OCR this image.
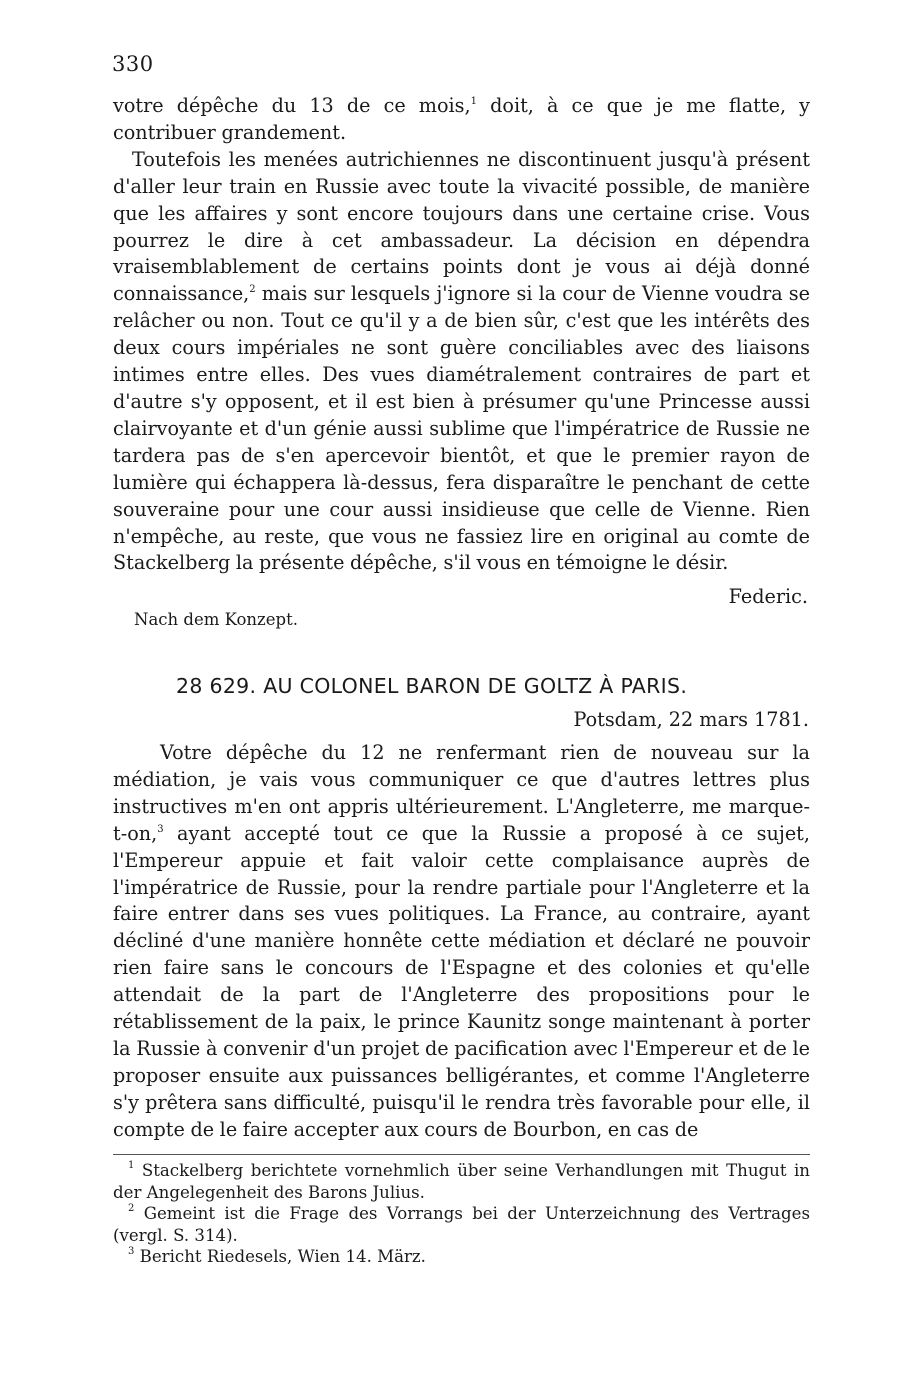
330

votre dépêche du 13 de ce mois,$^1$ doit, à ce que je me flatte, y contribuer grandement.

Toutefois les menées autrichiennes ne discontinuent jusqu'à présent d'aller leur train en Russie avec toute la vivacité possible, de manière que les affaires y sont encore toujours dans une certaine crise. Vous pourrez le dire à cet ambassadeur. La décision en dépendra vraisemblablement de certains points dont je vous ai déjà donné connaissance,$^2$ mais sur lesquels j'ignore si la cour de Vienne voudra se relâcher ou non. Tout ce qu'il y a de bien sûr, c'est que les intérêts des deux cours impériales ne sont guère conciliables avec des liaisons intimes entre elles. Des vues diamétralement contraires de part et d'autre s'y opposent, et il est bien à présumer qu'une Princesse aussi clairvoyante et d'un génie aussi sublime que l'impératrice de Russie ne tardera pas de s'en apercevoir bientôt, et que le premier rayon de lumière qui échappera là-dessus, fera disparaître le penchant de cette souveraine pour une cour aussi insidieuse que celle de Vienne. Rien n'empêche, au reste, que vous ne fassiez lire en original au comte de Stackelberg la présente dépêche, s'il vous en témoigne le désir.

Federic.
Nach dem Konzept.
28 629. AU COLONEL BARON DE GOLTZ À PARIS.
Potsdam, 22 mars 1781.

Votre dépêche du 12 ne renfermant rien de nouveau sur la médiation, je vais vous communiquer ce que d'autres lettres plus instructives m'en ont appris ultérieurement. L'Angleterre, me marque-t-on,$^3$ ayant accepté tout ce que la Russie a proposé à ce sujet, l'Empereur appuie et fait valoir cette complaisance auprès de l'impératrice de Russie, pour la rendre partiale pour l'Angleterre et la faire entrer dans ses vues politiques. La France, au contraire, ayant décliné d'une manière honnête cette médiation et déclaré ne pouvoir rien faire sans le concours de l'Espagne et des colonies et qu'elle attendait de la part de l'Angleterre des propositions pour le rétablissement de la paix, le prince Kaunitz songe maintenant à porter la Russie à convenir d'un projet de pacification avec l'Empereur et de le proposer ensuite aux puissances belligérantes, et comme l'Angleterre s'y prêtera sans difficulté, puisqu'il le rendra très favorable pour elle, il compte de le faire accepter aux cours de Bourbon, en cas de

$^1$ Stackelberg berichtete vornehmlich über seine Verhandlungen mit Thugut in der Angelegenheit des Barons Julius.

$^2$ Gemeint ist die Frage des Vorrangs bei der Unterzeichnung des Vertrages (vergl. S. 314).

$^3$ Bericht Riedesels, Wien 14. März.
